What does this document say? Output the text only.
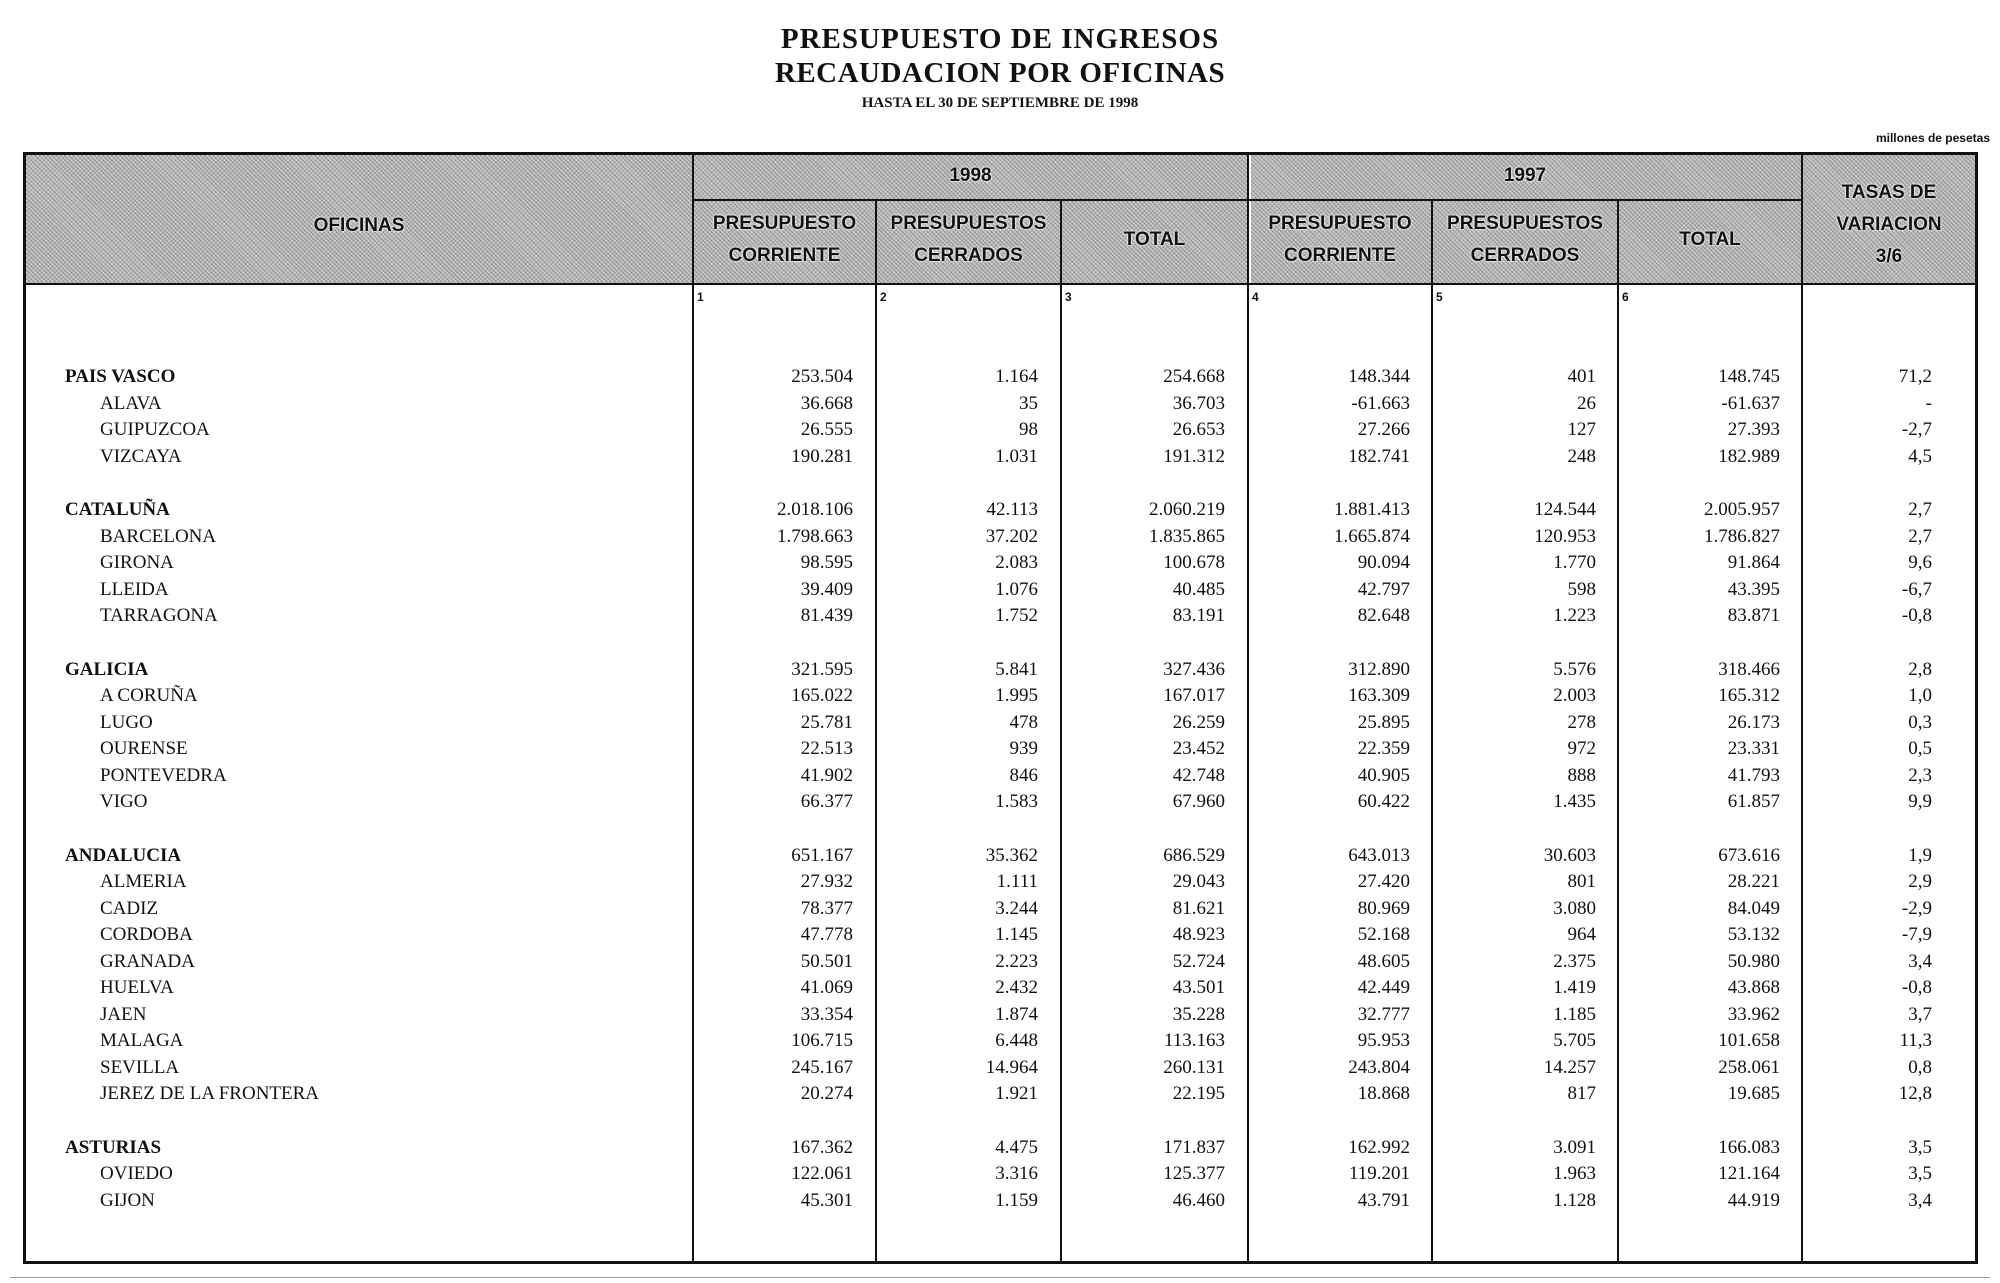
PRESUPUESTO DE INGRESOS
RECAUDACION POR OFICINAS
HASTA EL 30 DE SEPTIEMBRE DE 1998
millones de pesetas
OFICINAS
1998	1997
PRESUPUESTO
CORRIENTE
PRESUPUESTOS
CERRADOS
TOTAL
PRESUPUESTO
CORRIENTE
PRESUPUESTOS
CERRADOS
TOTAL
TASAS DE
VARIACION
3/6
1	2	3	4	5	6
PAIS VASCO	253.504	1.164	254.668	148.344	401	148.745	71,2
ALAVA	36.668	35	36.703	-61.663	26	-61.637	-
GUIPUZCOA	26.555	98	26.653	27.266	127	27.393	-2,7
VIZCAYA	190.281	1.031	191.312	182.741	248	182.989	4,5
CATALUÑA	2.018.106	42.113	2.060.219	1.881.413	124.544	2.005.957	2,7
BARCELONA	1.798.663	37.202	1.835.865	1.665.874	120.953	1.786.827	2,7
GIRONA	98.595	2.083	100.678	90.094	1.770	91.864	9,6
LLEIDA	39.409	1.076	40.485	42.797	598	43.395	-6,7
TARRAGONA	81.439	1.752	83.191	82.648	1.223	83.871	-0,8
GALICIA	321.595	5.841	327.436	312.890	5.576	318.466	2,8
A CORUÑA	165.022	1.995	167.017	163.309	2.003	165.312	1,0
LUGO	25.781	478	26.259	25.895	278	26.173	0,3
OURENSE	22.513	939	23.452	22.359	972	23.331	0,5
PONTEVEDRA	41.902	846	42.748	40.905	888	41.793	2,3
VIGO	66.377	1.583	67.960	60.422	1.435	61.857	9,9
ANDALUCIA	651.167	35.362	686.529	643.013	30.603	673.616	1,9
ALMERIA	27.932	1.111	29.043	27.420	801	28.221	2,9
CADIZ	78.377	3.244	81.621	80.969	3.080	84.049	-2,9
CORDOBA	47.778	1.145	48.923	52.168	964	53.132	-7,9
GRANADA	50.501	2.223	52.724	48.605	2.375	50.980	3,4
HUELVA	41.069	2.432	43.501	42.449	1.419	43.868	-0,8
JAEN	33.354	1.874	35.228	32.777	1.185	33.962	3,7
MALAGA	106.715	6.448	113.163	95.953	5.705	101.658	11,3
SEVILLA	245.167	14.964	260.131	243.804	14.257	258.061	0,8
JEREZ DE LA FRONTERA	20.274	1.921	22.195	18.868	817	19.685	12,8
ASTURIAS	167.362	4.475	171.837	162.992	3.091	166.083	3,5
OVIEDO	122.061	3.316	125.377	119.201	1.963	121.164	3,5
GIJON	45.301	1.159	46.460	43.791	1.128	44.919	3,4
